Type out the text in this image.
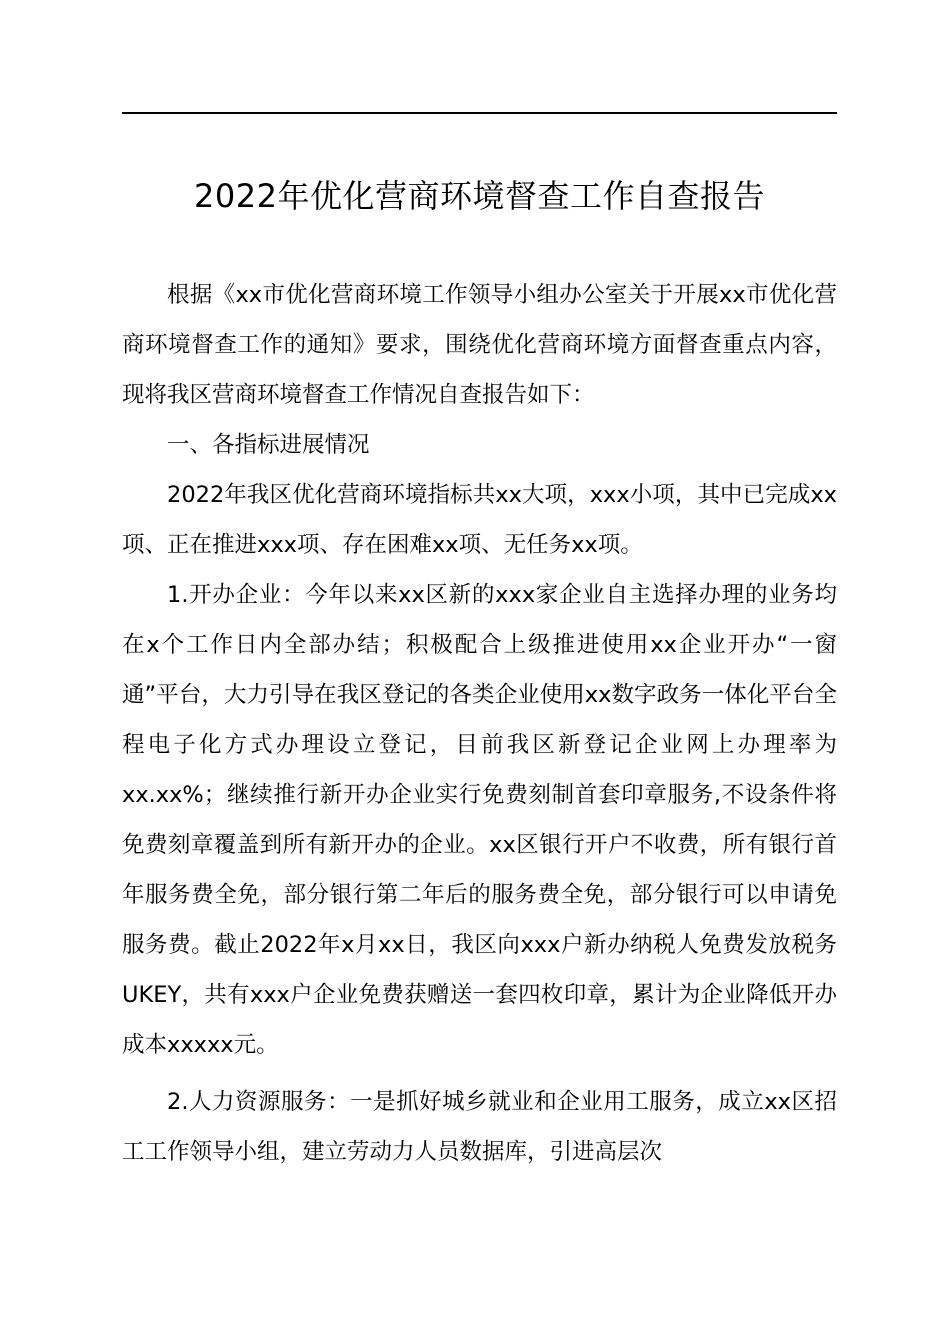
2022年优化营商环境督查工作自查报告

根据《xx市优化营商环境工作领导小组办公室关于开展xx市优化营商环境督查工作的通知》要求，围绕优化营商环境方面督查重点内容，现将我区营商环境督查工作情况自查报告如下：

一、各指标进展情况

2022年我区优化营商环境指标共xx大项，xxx小项，其中已完成xx项、正在推进xxx项、存在困难xx项、无任务xx项。

1.开办企业：今年以来xx区新的xxx家企业自主选择办理的业务均在x个工作日内全部办结；积极配合上级推进使用xx企业开办“一窗通”平台，大力引导在我区登记的各类企业使用xx数字政务一体化平台全程电子化方式办理设立登记，目前我区新登记企业网上办理率为xx.xx%；继续推行新开办企业实行免费刻制首套印章服务,不设条件将免费刻章覆盖到所有新开办的企业。xx区银行开户不收费，所有银行首年服务费全免，部分银行第二年后的服务费全免，部分银行可以申请免服务费。截止2022年x月xx日，我区向xxx户新办纳税人免费发放税务UKEY，共有xxx户企业免费获赠送一套四枚印章，累计为企业降低开办成本xxxxx元。

2.人力资源服务：一是抓好城乡就业和企业用工服务，成立xx区招工工作领导小组，建立劳动力人员数据库，引进高层次
